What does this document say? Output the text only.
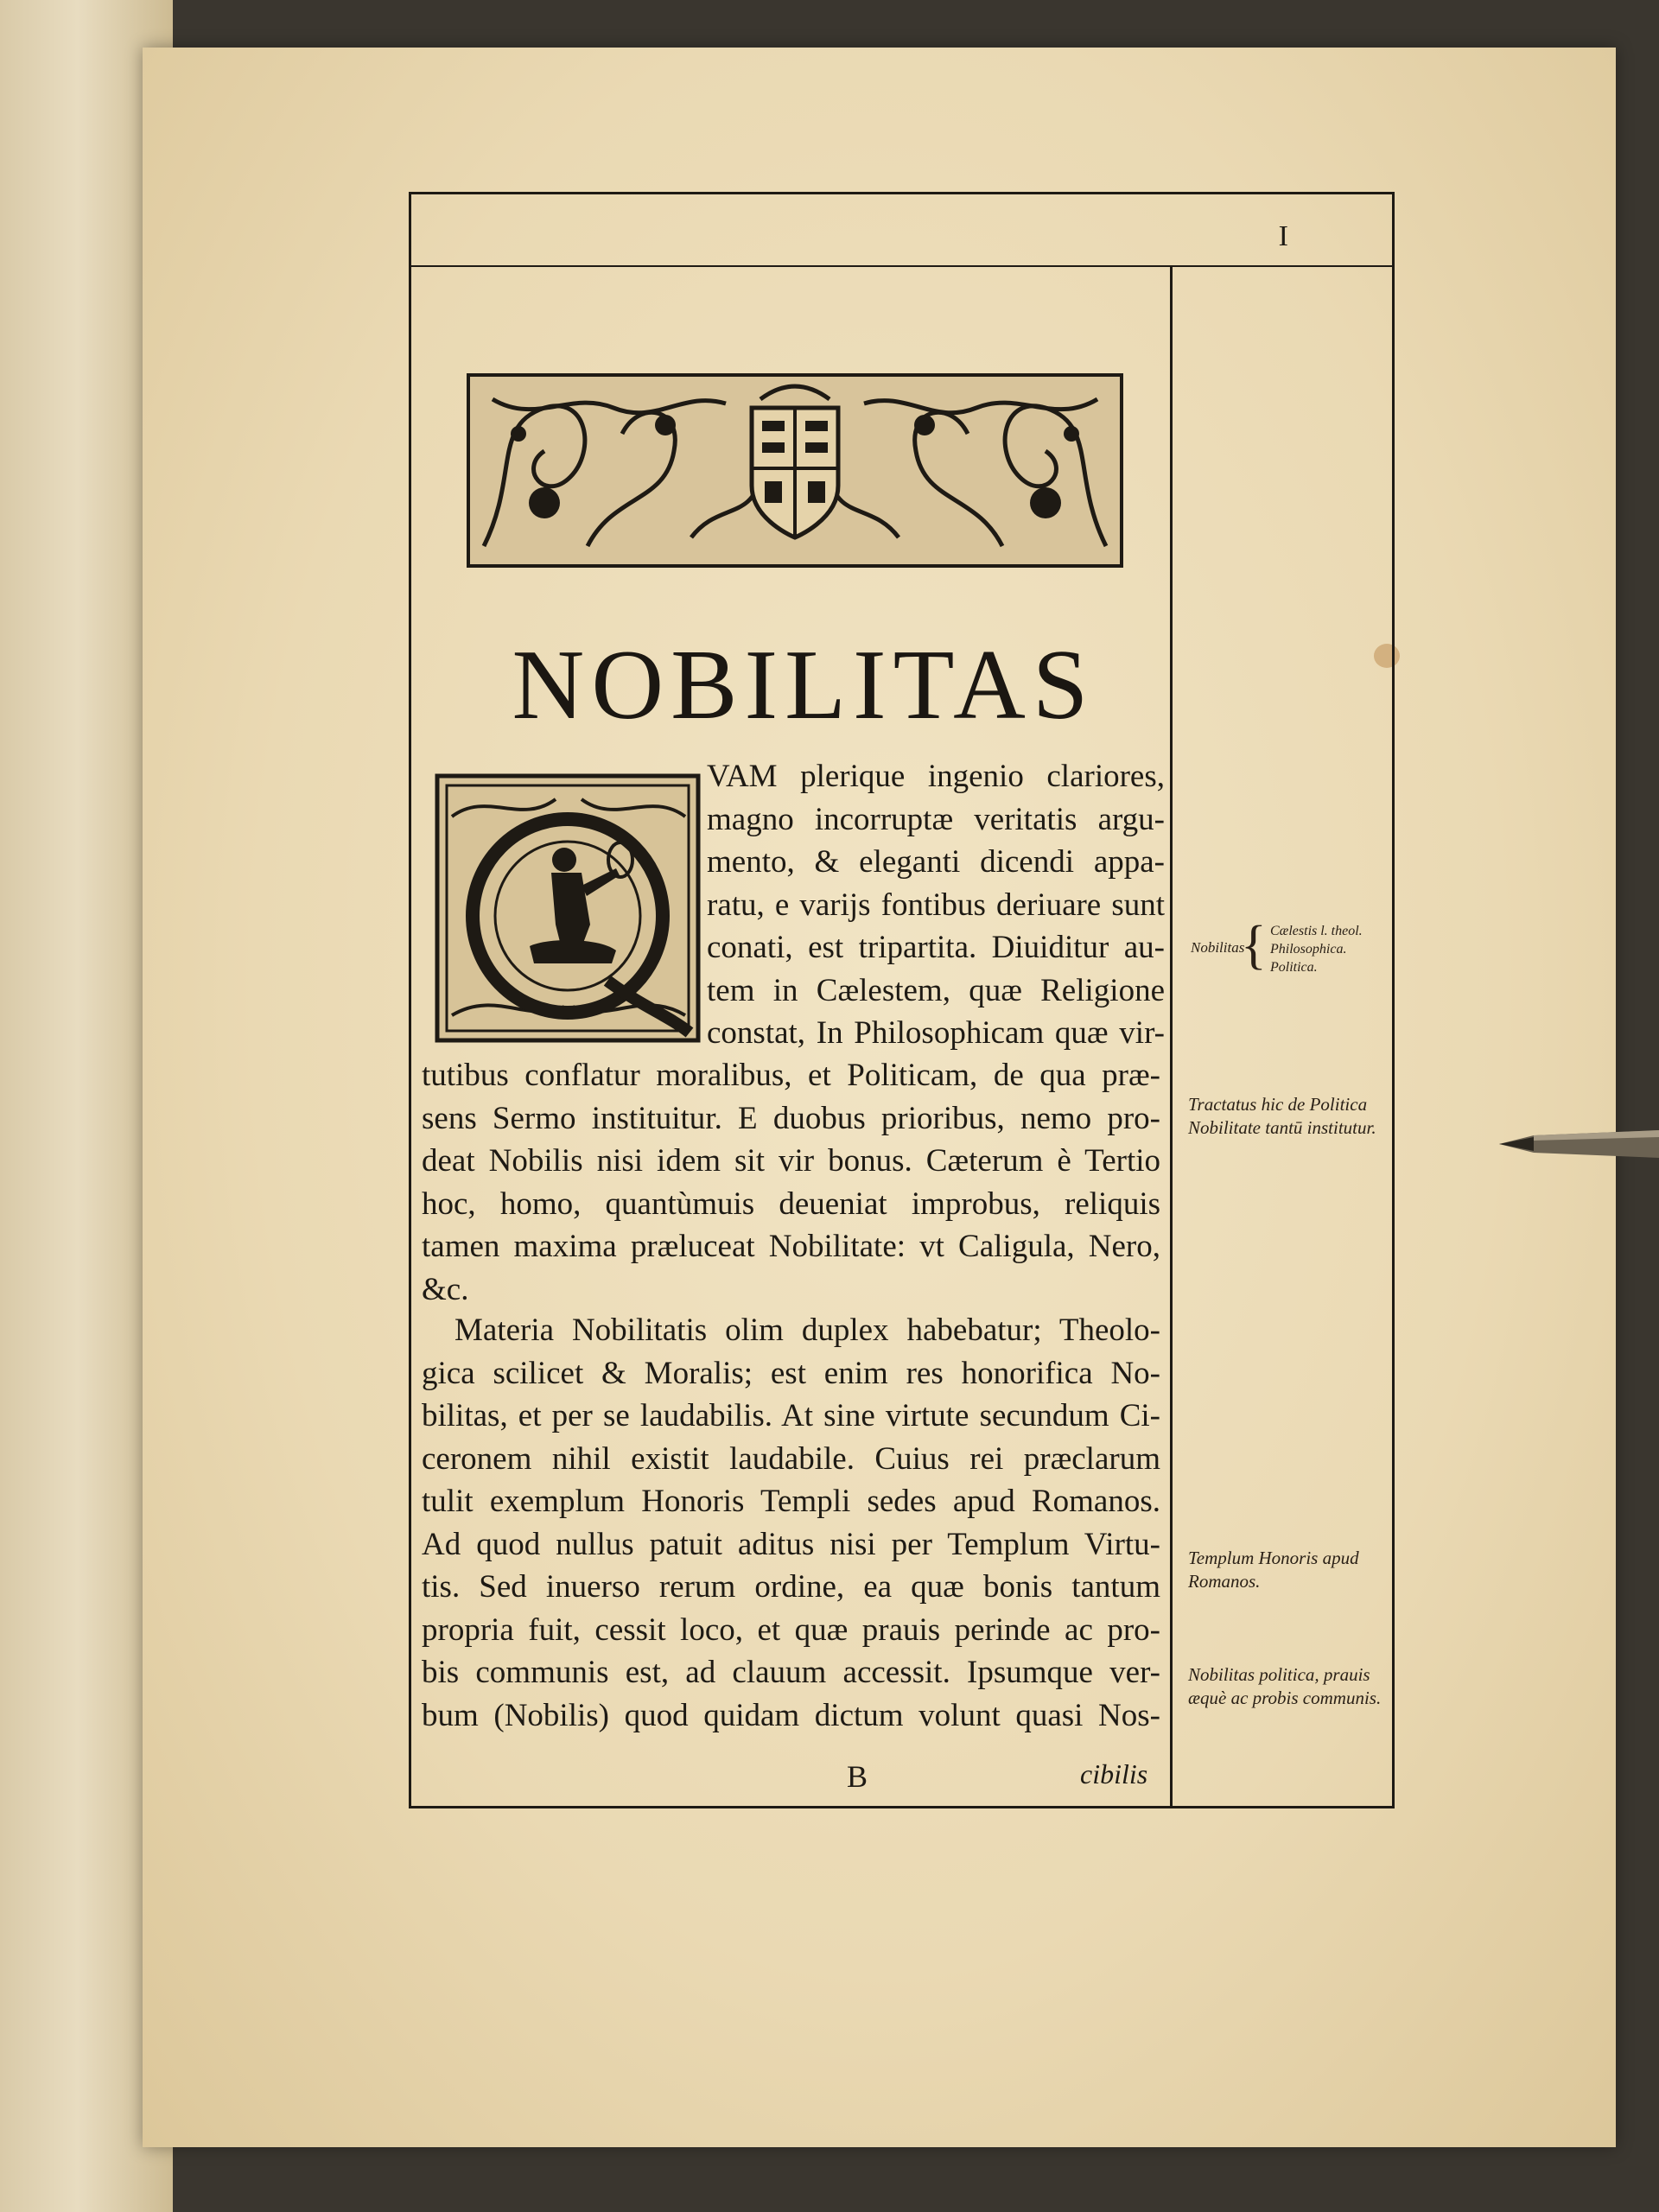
I
NOBILITAS
VAM plerique ingenio clariores,
magno incorruptæ veritatis argu-
mento, & eleganti dicendi appa-
ratu, e varijs fontibus deriuare sunt
conati, est tripartita. Diuiditur au-
tem in Cælestem, quæ Religione
constat, In Philosophicam quæ vir-
tutibus conflatur moralibus, et Politicam, de qua præ-
sens Sermo instituitur. E duobus prioribus, nemo pro-
deat Nobilis nisi idem sit vir bonus. Cæterum è Tertio
hoc, homo, quantùmuis deueniat improbus, reliquis
tamen maxima præluceat Nobilitate: vt Caligula, Nero,
&c.
Materia Nobilitatis olim duplex habebatur; Theolo-
gica scilicet & Moralis; est enim res honorifica No-
bilitas, et per se laudabilis. At sine virtute secundum Ci-
ceronem nihil existit laudabile. Cuius rei præclarum
tulit exemplum Honoris Templi sedes apud Romanos.
Ad quod nullus patuit aditus nisi per Templum Virtu-
tis. Sed inuerso rerum ordine, ea quæ bonis tantum
propria fuit, cessit loco, et quæ prauis perinde ac pro-
bis communis est, ad clauum accessit. Ipsumque ver-
bum (Nobilis) quod quidam dictum volunt quasi Nos-
B	cibilis
Nobilitas
{ Cælestis l. theol.
Philosophica.
Politica.
Tractatus hic de Politica Nobilitate tantū institutur.
Templum Honoris apud Romanos.
Nobilitas politica, prauis æquè ac probis communis.
